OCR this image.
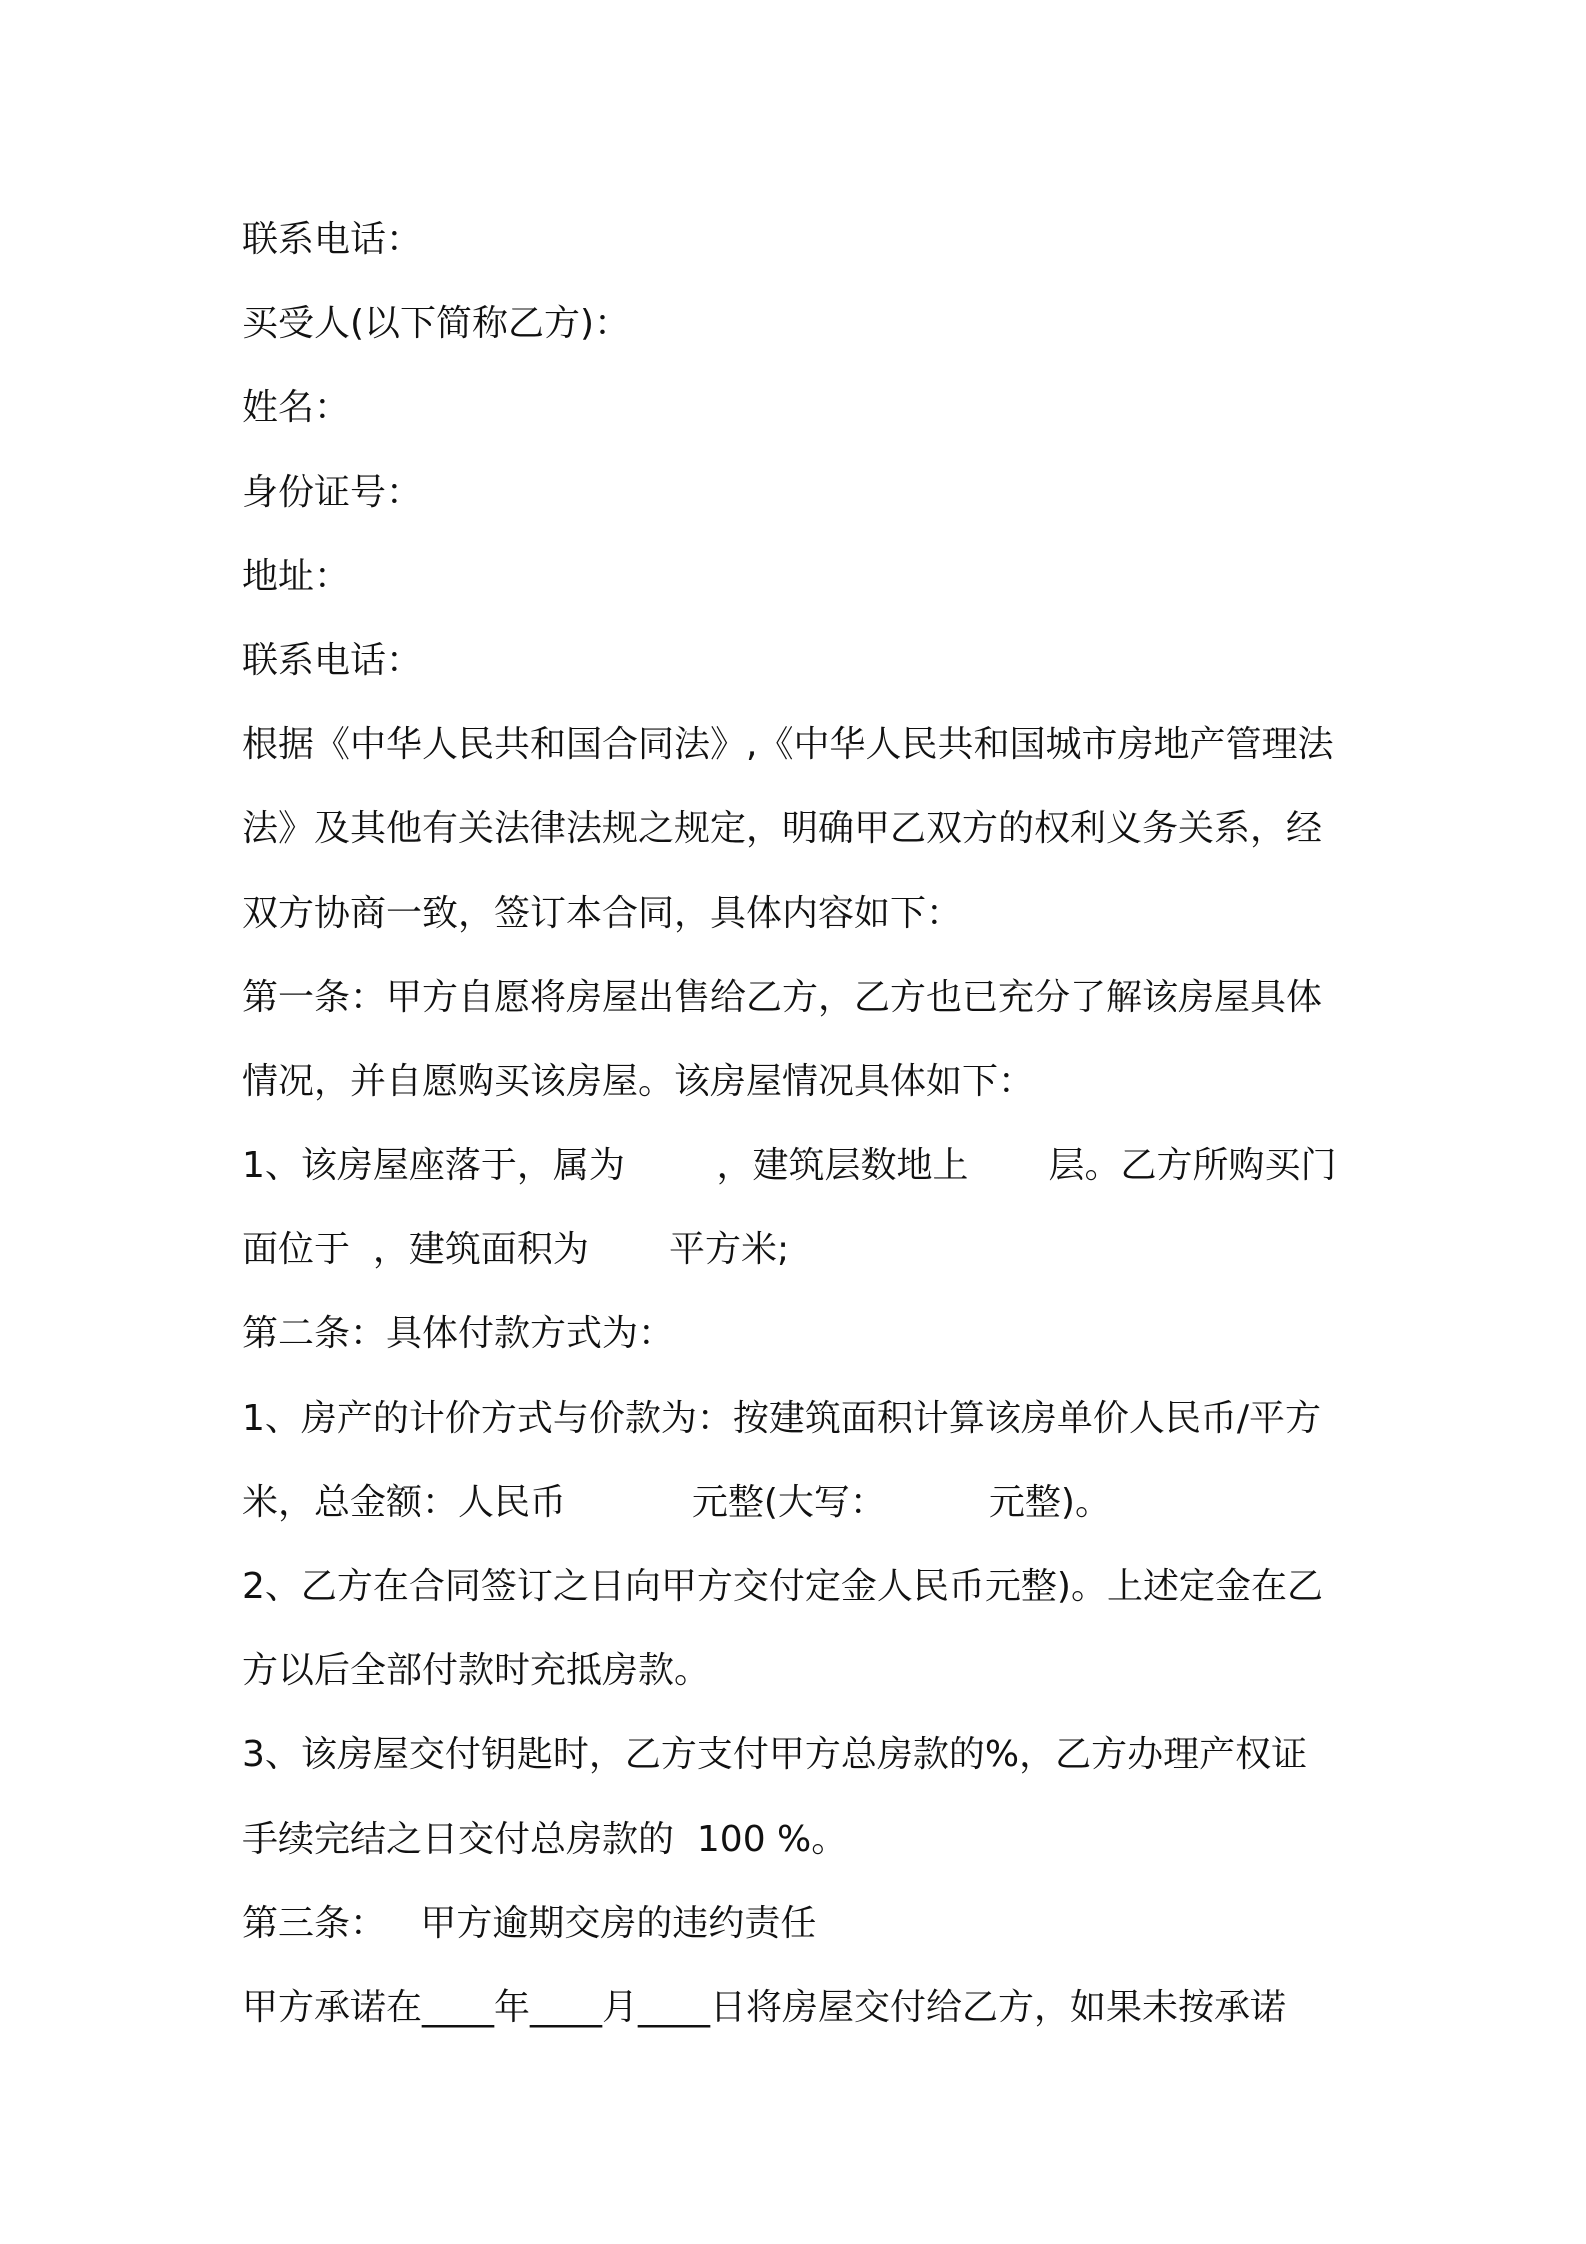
联系电话：
买受人(以下简称乙方)：
姓名：
身份证号：
地址：
联系电话：
根据《中华人民共和国合同法》,《中华人民共和国城市房地产管理法
法》及其他有关法律法规之规定，明确甲乙双方的权利义务关系，经
双方协商一致，签订本合同，具体内容如下：
第一条：甲方自愿将房屋出售给乙方，乙方也已充分了解该房屋具体
情况，并自愿购买该房屋。该房屋情况具体如下：
1、该房屋座落于，属为        ，建筑层数地上       层。乙方所购买门
面位于  ，建筑面积为       平方米;
第二条：具体付款方式为：
1、房产的计价方式与价款为：按建筑面积计算该房单价人民币/平方
米，总金额：人民币           元整(大写：         元整)。
2、乙方在合同签订之日向甲方交付定金人民币元整)。上述定金在乙
方以后全部付款时充抵房款。
3、该房屋交付钥匙时，乙方支付甲方总房款的%，乙方办理产权证
手续完结之日交付总房款的  100 %。
第三条：   甲方逾期交房的违约责任
甲方承诺在____年____月____日将房屋交付给乙方，如果未按承诺
